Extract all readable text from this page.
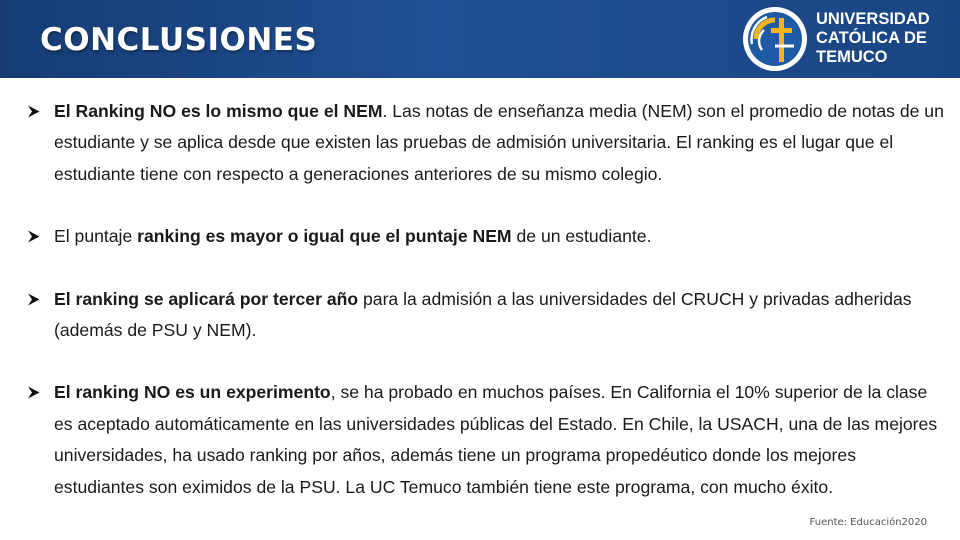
CONCLUSIONES
UNIVERSIDAD
CATÓLICA DE
TEMUCO
El Ranking NO es lo mismo que el NEM. Las notas de enseñanza media (NEM) son el promedio de notas de un estudiante y se aplica desde que existen las pruebas de admisión universitaria. El ranking es el lugar que el estudiante tiene con respecto a generaciones anteriores de su mismo colegio.
El puntaje ranking es mayor o igual que el puntaje NEM de un estudiante.
El ranking se aplicará por tercer año para la admisión a las universidades del CRUCH y privadas adheridas (además de PSU y NEM).
El ranking NO es un experimento, se ha probado en muchos países. En California el 10% superior de la clase es aceptado automáticamente en las universidades públicas del Estado. En Chile, la USACH, una de las mejores universidades, ha usado ranking por años, además tiene un programa propedéutico donde los mejores estudiantes son eximidos de la PSU. La UC Temuco también tiene este programa, con mucho éxito.
Fuente: Educación2020
